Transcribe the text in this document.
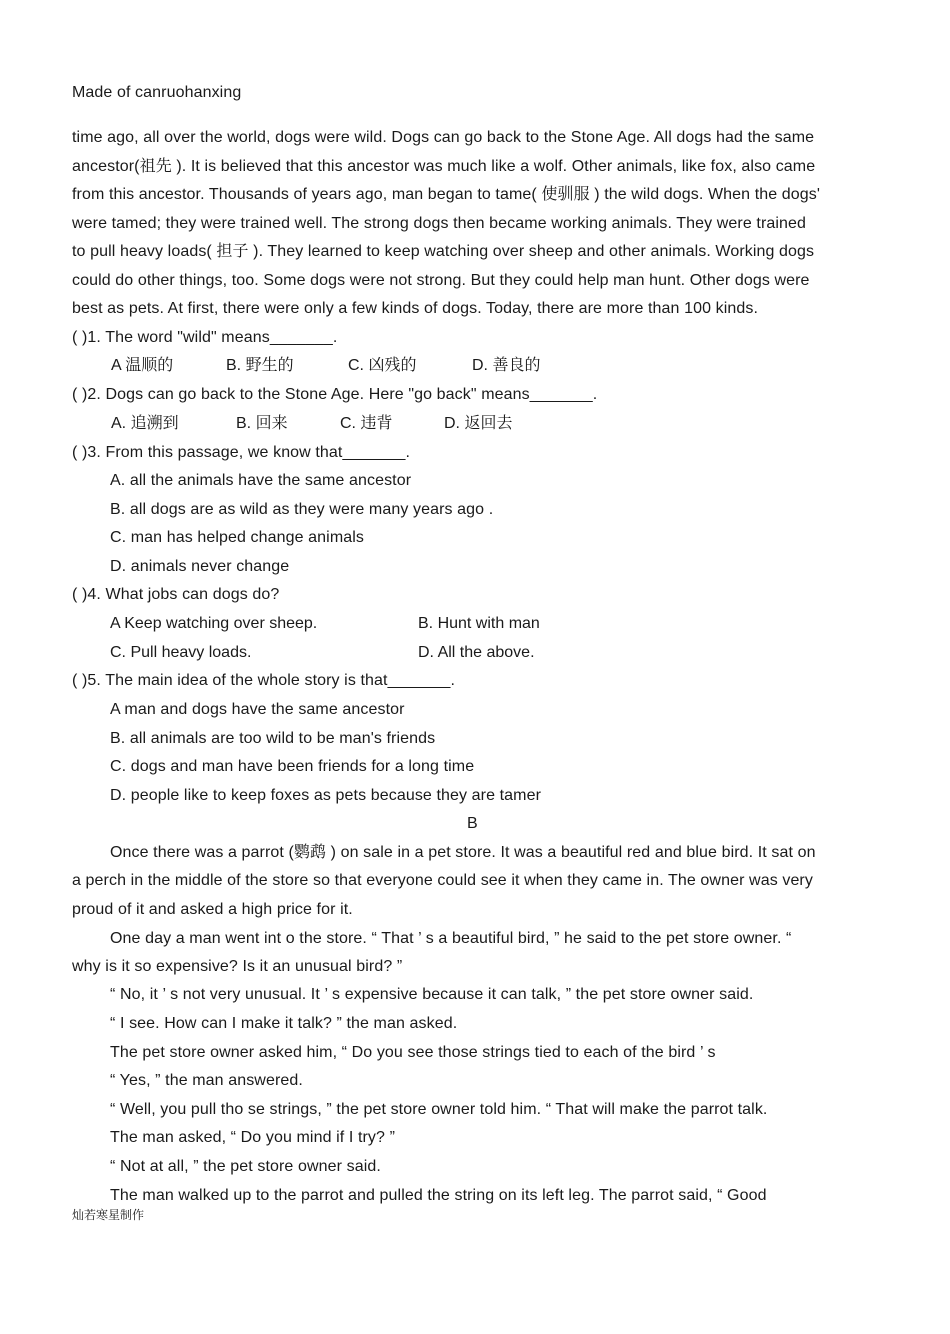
Made of canruohanxing
time ago, all over the world, dogs were wild. Dogs can go back to the Stone Age. All dogs had the same
ancestor(祖先 ). It is believed that this ancestor was much like a wolf. Other animals, like fox, also came
from this ancestor. Thousands of years ago, man began to tame( 使驯服 ) the wild dogs. When the dogs'
were tamed; they were trained well. The strong dogs then became working animals. They were trained
to pull heavy loads( 担子 ). They learned to keep watching over sheep and other animals. Working dogs
could do other things, too. Some dogs were not strong. But they could help man hunt. Other dogs were
best as pets. At first, there were only a few kinds of dogs. Today, there are more than 100 kinds.
( )1. The word "wild" means_______.
A 温顺的	B. 野生的	C. 凶残的	D. 善良的
( )2. Dogs can go back to the Stone Age. Here "go back" means_______.
A. 追溯到	B. 回来	C. 违背	D. 返回去
( )3. From this passage, we know that_______.
A. all the animals have the same ancestor
B. all dogs are as wild as they were many years ago .
C. man has helped change animals
D. animals never change
( )4. What jobs can dogs do?
A Keep watching over sheep.	B. Hunt with man
C. Pull heavy loads.	D. All the above.
( )5. The main idea of the whole story is that_______.
A man and dogs have the same ancestor
B. all animals are too wild to be man's friends
C. dogs and man have been friends for a long time
D. people like to keep foxes as pets because they are tamer
B
Once there was a parrot (鹦鹉 ) on sale in a pet store. It was a beautiful red and blue bird. It sat on
a perch in the middle of the store so that everyone could see it when they came in. The owner was very
proud of it and asked a high price for it.
One day a man went int o the store. “ That ’ s a beautiful bird, ” he said to the pet store owner. “
why is it so expensive? Is it an unusual bird? ”
“ No, it ’ s not very unusual. It ’ s expensive because it can talk, ” the pet store owner said.
“ I see. How can I make it talk? ” the man asked.
The pet store owner asked him, “ Do you see those strings tied to each of the bird ’ s
“ Yes, ” the man answered.
“ Well, you pull tho se strings, ” the pet store owner told him. “ That will make the parrot talk.
The man asked, “ Do you mind if I try? ”
“ Not at all, ” the pet store owner said.
The man walked up to the parrot and pulled the string on its left leg. The parrot said, “ Good
灿若寒星制作
